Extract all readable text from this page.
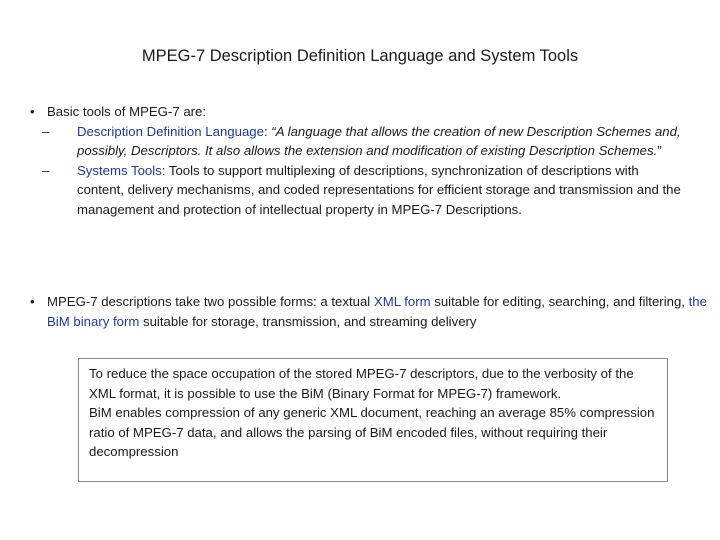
MPEG-7 Description Definition Language and System Tools
• Basic tools of MPEG-7 are:
– Description Definition Language: “A language that allows the creation of new Description Schemes and, possibly, Descriptors. It also allows the extension and modification of existing Description Schemes.”
– Systems Tools: Tools to support multiplexing of descriptions, synchronization of descriptions with content, delivery mechanisms, and coded representations for efficient storage and transmission and the management and protection of intellectual property in MPEG-7 Descriptions.
• MPEG-7 descriptions take two possible forms: a textual XML form suitable for editing, searching, and filtering, the BiM binary form suitable for storage, transmission, and streaming delivery

To reduce the space occupation of the stored MPEG-7 descriptors, due to the verbosity of the XML format, it is possible to use the BiM (Binary Format for MPEG-7) framework.

BiM enables compression of any generic XML document, reaching an average 85% compression ratio of MPEG-7 data, and allows the parsing of BiM encoded files, without requiring their decompression
